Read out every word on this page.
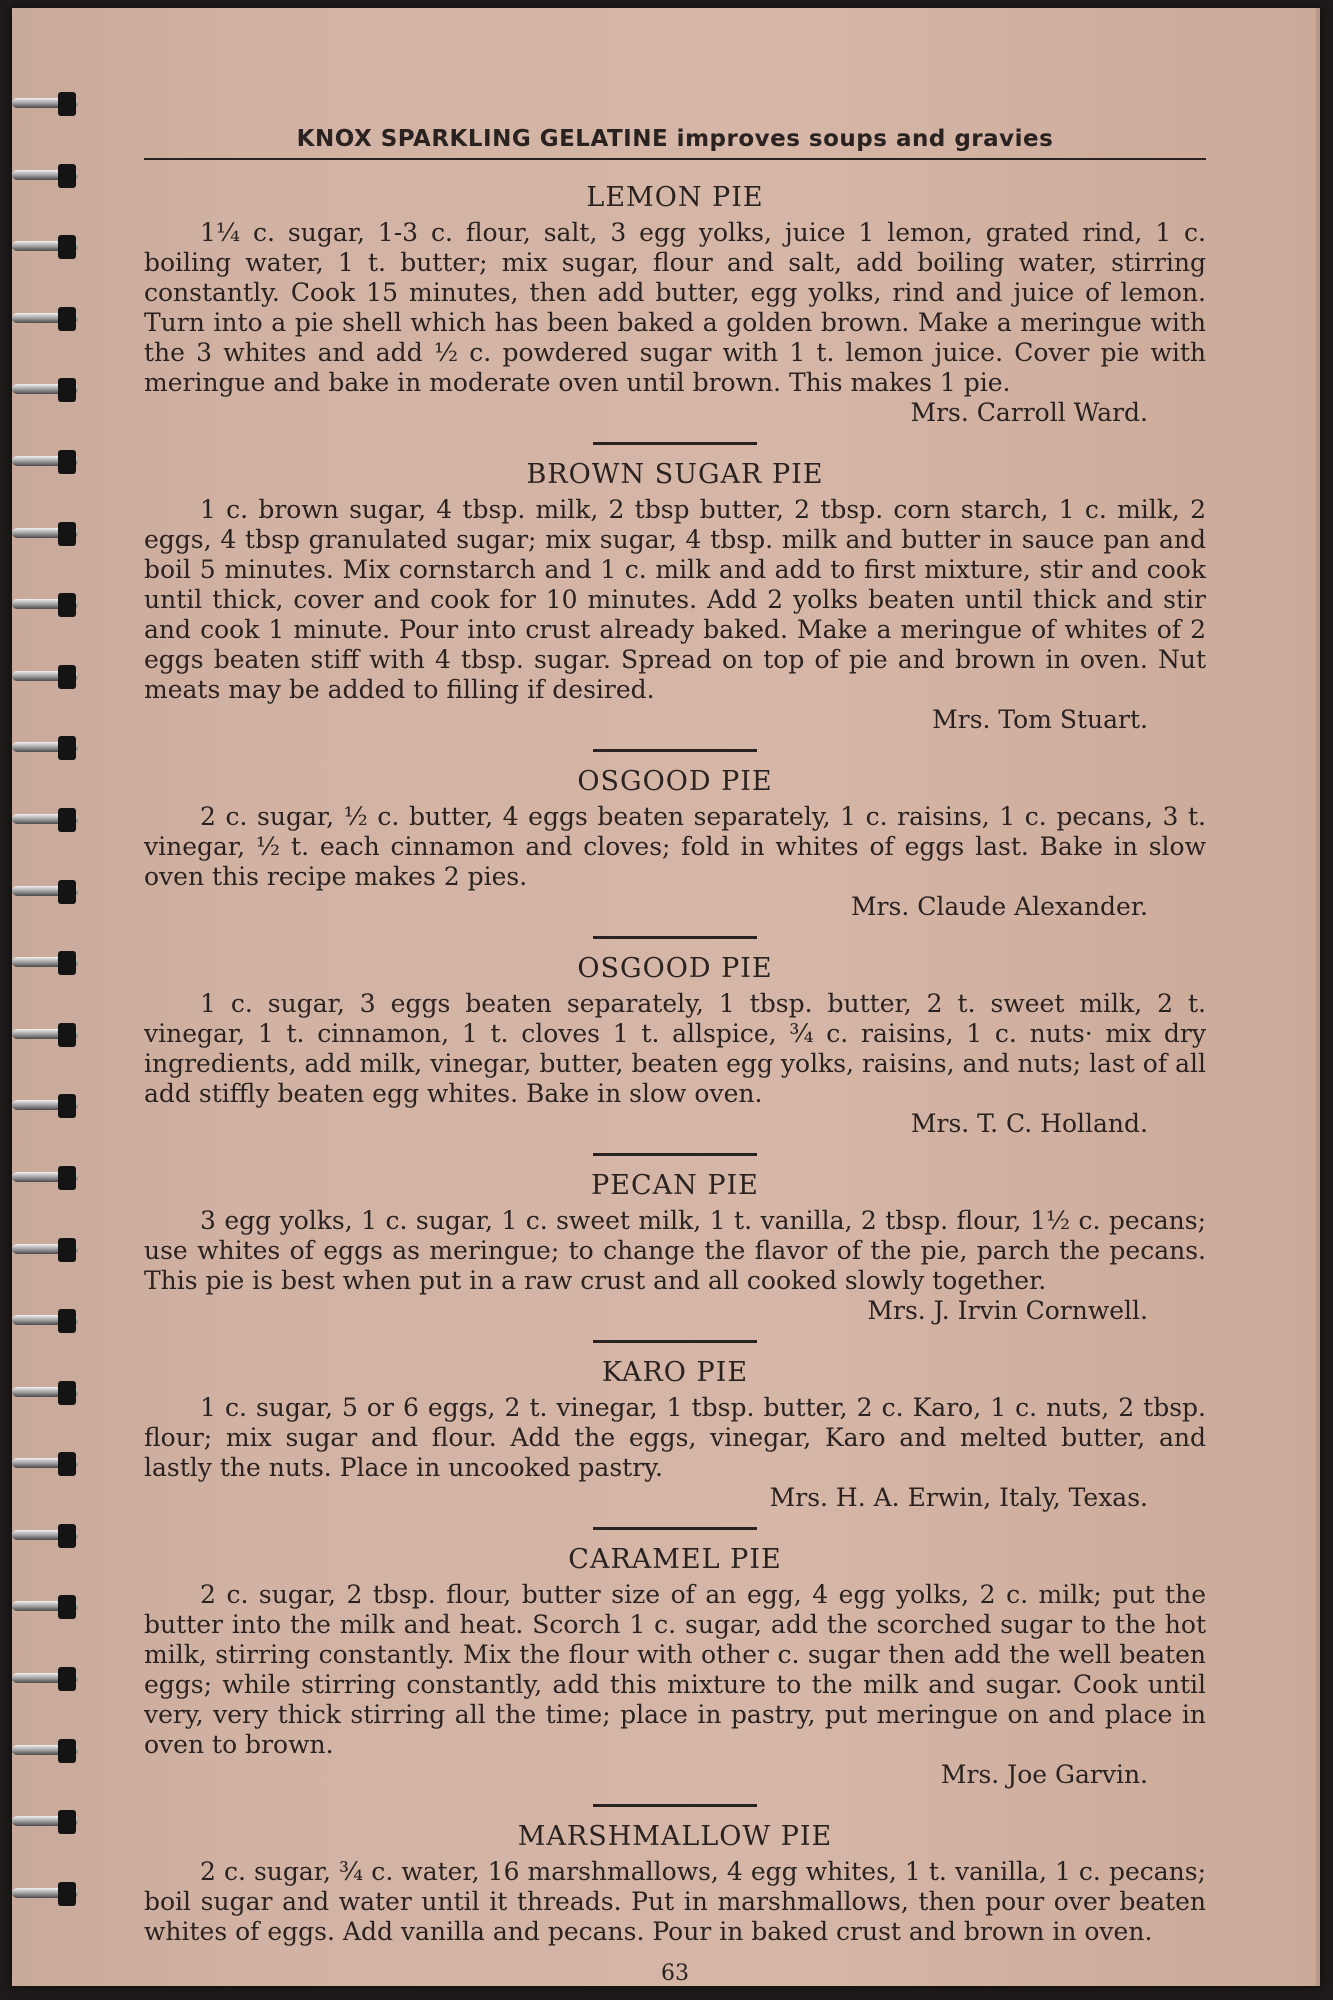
KNOX SPARKLING GELATINE improves soups and gravies
LEMON PIE

1¼ c. sugar, 1-3 c. flour, salt, 3 egg yolks, juice 1 lemon, grated rind, 1 c. boiling water, 1 t. butter; mix sugar, flour and salt, add boiling water, stirring constantly. Cook 15 minutes, then add butter, egg yolks, rind and juice of lemon. Turn into a pie shell which has been baked a golden brown. Make a meringue with the 3 whites and add ½ c. powdered sugar with 1 t. lemon juice. Cover pie with meringue and bake in moderate oven until brown. This makes 1 pie.

Mrs. Carroll Ward.

BROWN SUGAR PIE

1 c. brown sugar, 4 tbsp. milk, 2 tbsp butter, 2 tbsp. corn starch, 1 c. milk, 2 eggs, 4 tbsp granulated sugar; mix sugar, 4 tbsp. milk and butter in sauce pan and boil 5 minutes. Mix cornstarch and 1 c. milk and add to first mixture, stir and cook until thick, cover and cook for 10 minutes. Add 2 yolks beaten until thick and stir and cook 1 minute. Pour into crust already baked. Make a meringue of whites of 2 eggs beaten stiff with 4 tbsp. sugar. Spread on top of pie and brown in oven. Nut meats may be added to filling if desired.

Mrs. Tom Stuart.

OSGOOD PIE

2 c. sugar, ½ c. butter, 4 eggs beaten separately, 1 c. raisins, 1 c. pecans, 3 t. vinegar, ½ t. each cinnamon and cloves; fold in whites of eggs last. Bake in slow oven this recipe makes 2 pies.

Mrs. Claude Alexander.

OSGOOD PIE

1 c. sugar, 3 eggs beaten separately, 1 tbsp. butter, 2 t. sweet milk, 2 t. vinegar, 1 t. cinnamon, 1 t. cloves 1 t. allspice, ¾ c. raisins, 1 c. nuts· mix dry ingredients, add milk, vinegar, butter, beaten egg yolks, raisins, and nuts; last of all add stiffly beaten egg whites. Bake in slow oven.

Mrs. T. C. Holland.

PECAN PIE

3 egg yolks, 1 c. sugar, 1 c. sweet milk, 1 t. vanilla, 2 tbsp. flour, 1½ c. pecans; use whites of eggs as meringue; to change the flavor of the pie, parch the pecans. This pie is best when put in a raw crust and all cooked slowly together.

Mrs. J. Irvin Cornwell.

KARO PIE

1 c. sugar, 5 or 6 eggs, 2 t. vinegar, 1 tbsp. butter, 2 c. Karo, 1 c. nuts, 2 tbsp. flour; mix sugar and flour. Add the eggs, vinegar, Karo and melted butter, and lastly the nuts. Place in uncooked pastry.

Mrs. H. A. Erwin, Italy, Texas.

CARAMEL PIE

2 c. sugar, 2 tbsp. flour, butter size of an egg, 4 egg yolks, 2 c. milk; put the butter into the milk and heat. Scorch 1 c. sugar, add the scorched sugar to the hot milk, stirring constantly. Mix the flour with other c. sugar then add the well beaten eggs; while stirring constantly, add this mixture to the milk and sugar. Cook until very, very thick stirring all the time; place in pastry, put meringue on and place in oven to brown.

Mrs. Joe Garvin.

MARSHMALLOW PIE

2 c. sugar, ¾ c. water, 16 marshmallows, 4 egg whites, 1 t. vanilla, 1 c. pecans; boil sugar and water until it threads. Put in marshmallows, then pour over beaten whites of eggs. Add vanilla and pecans. Pour in baked crust and brown in oven.

63
